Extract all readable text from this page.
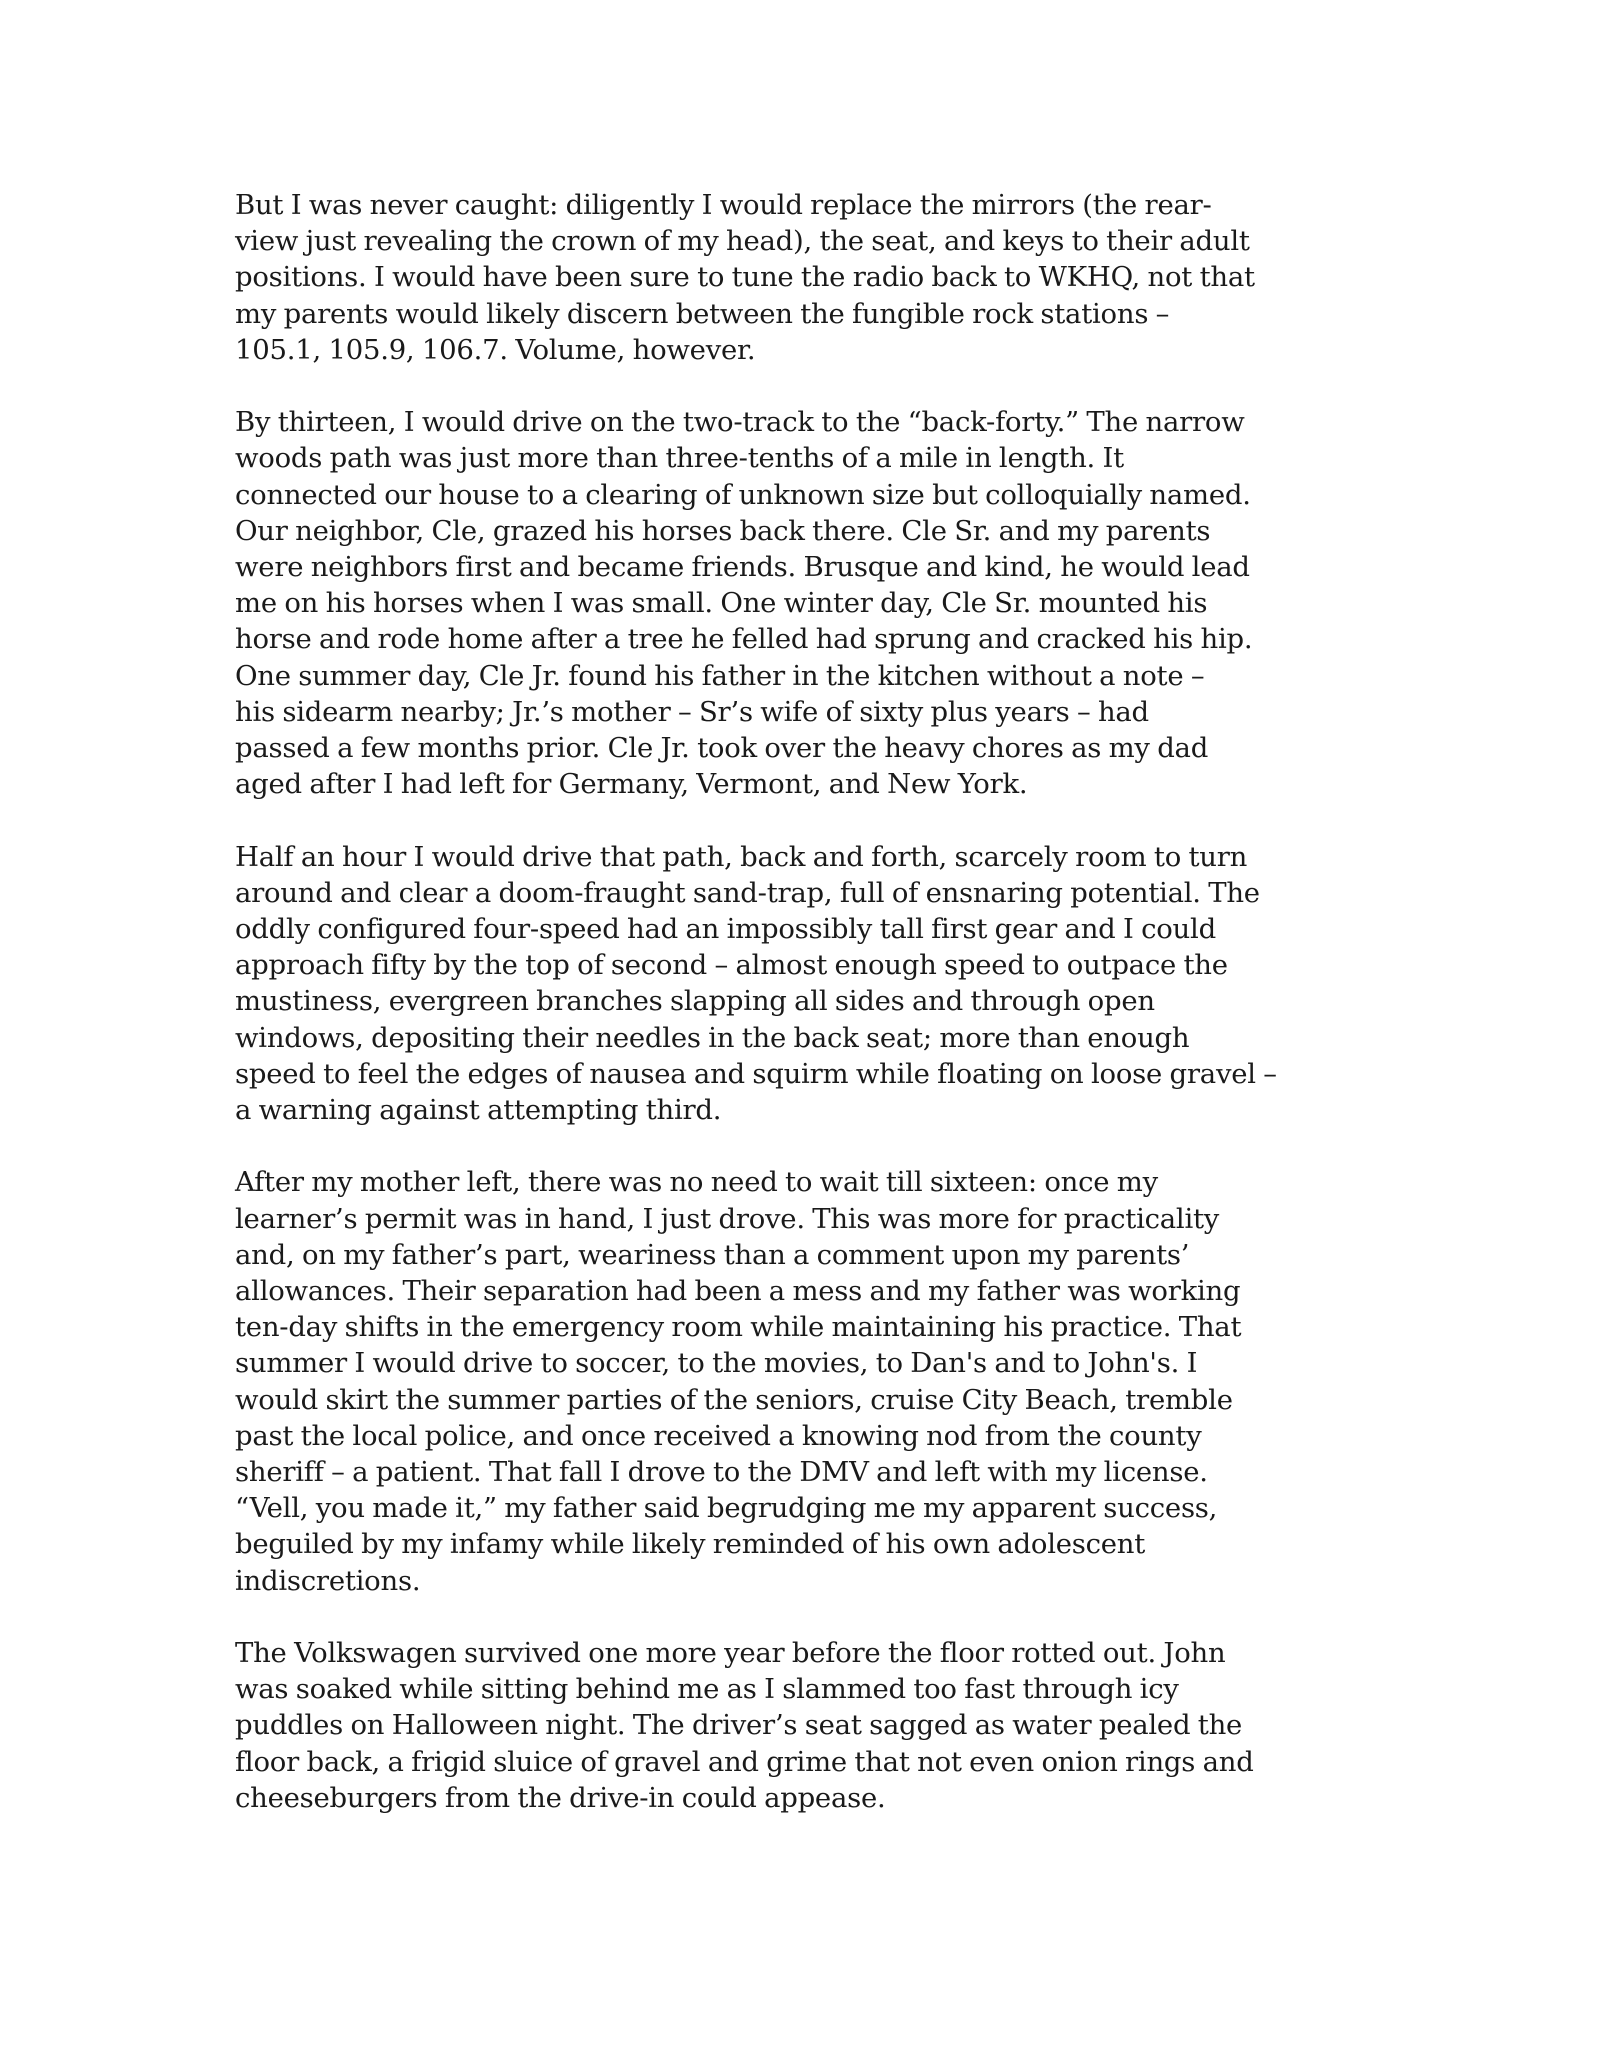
But I was never caught: diligently I would replace the mirrors (the rear-
view just revealing the crown of my head), the seat, and keys to their adult
positions. I would have been sure to tune the radio back to WKHQ, not that
my parents would likely discern between the fungible rock stations –
105.1, 105.9, 106.7. Volume, however.

By thirteen, I would drive on the two-track to the “back-forty.” The narrow
woods path was just more than three-tenths of a mile in length. It
connected our house to a clearing of unknown size but colloquially named.
Our neighbor, Cle, grazed his horses back there. Cle Sr. and my parents
were neighbors first and became friends. Brusque and kind, he would lead
me on his horses when I was small. One winter day, Cle Sr. mounted his
horse and rode home after a tree he felled had sprung and cracked his hip.
One summer day, Cle Jr. found his father in the kitchen without a note –
his sidearm nearby; Jr.’s mother – Sr’s wife of sixty plus years – had
passed a few months prior. Cle Jr. took over the heavy chores as my dad
aged after I had left for Germany, Vermont, and New York.

Half an hour I would drive that path, back and forth, scarcely room to turn
around and clear a doom-fraught sand-trap, full of ensnaring potential. The
oddly configured four-speed had an impossibly tall first gear and I could
approach fifty by the top of second – almost enough speed to outpace the
mustiness, evergreen branches slapping all sides and through open
windows, depositing their needles in the back seat; more than enough
speed to feel the edges of nausea and squirm while floating on loose gravel –
a warning against attempting third.

After my mother left, there was no need to wait till sixteen: once my
learner’s permit was in hand, I just drove. This was more for practicality
and, on my father’s part, weariness than a comment upon my parents’
allowances. Their separation had been a mess and my father was working
ten-day shifts in the emergency room while maintaining his practice. That
summer I would drive to soccer, to the movies, to Dan's and to John's. I
would skirt the summer parties of the seniors, cruise City Beach, tremble
past the local police, and once received a knowing nod from the county
sheriff – a patient. That fall I drove to the DMV and left with my license.
“Vell, you made it,” my father said begrudging me my apparent success,
beguiled by my infamy while likely reminded of his own adolescent
indiscretions.

The Volkswagen survived one more year before the floor rotted out. John
was soaked while sitting behind me as I slammed too fast through icy
puddles on Halloween night. The driver’s seat sagged as water pealed the
floor back, a frigid sluice of gravel and grime that not even onion rings and
cheeseburgers from the drive-in could appease.
